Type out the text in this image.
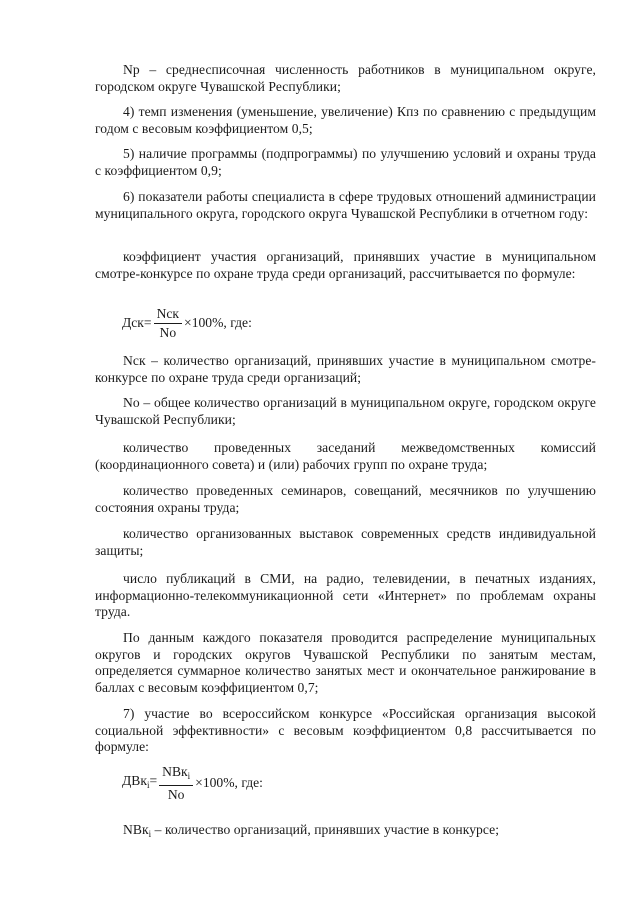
Np – среднесписочная численность работников в муниципальном округе, городском округе Чувашской Республики;

4) темп изменения (уменьшение, увеличение) Кпз по сравнению с предыдущим годом с весовым коэффициентом 0,5;

5) наличие программы (подпрограммы) по улучшению условий и охраны труда с коэффициентом 0,9;

6) показатели работы специалиста в сфере трудовых отношений администрации муниципального округа, городского округа Чувашской Республики в отчетном году:

коэффициент участия организаций, принявших участие в муниципальном смотре-конкурсе по охране труда среди организаций, рассчитывается по формуле:

$Дск= \frac{\text{Nск}}{No} \times 100\%$, где:

Nск – количество организаций, принявших участие в муниципальном смотре-конкурсе по охране труда среди организаций;

No – общее количество организаций в муниципальном округе, городском округе Чувашской Республики;

количество проведенных заседаний межведомственных комиссий (координационного совета) и (или) рабочих групп по охране труда;

количество проведенных семинаров, совещаний, месячников по улучшению состояния охраны труда;

количество организованных выставок современных средств индивидуальной защиты;

число публикаций в СМИ, на радио, телевидении, в печатных изданиях, информационно-телекоммуникационной сети «Интернет» по проблемам охраны труда.

По данным каждого показателя проводится распределение муниципальных округов и городских округов Чувашской Республики по занятым местам, определяется суммарное количество занятых мест и окончательное ранжирование в баллах с весовым коэффициентом 0,7;

7) участие во всероссийском конкурсе «Российская организация высокой социальной эффективности» с весовым коэффициентом 0,8 рассчитывается по формуле:

$ДВк_i= \frac{NВк_i}{No} \times 100\%$, где:

NВк$_i$ – количество организаций, принявших участие в конкурсе;
